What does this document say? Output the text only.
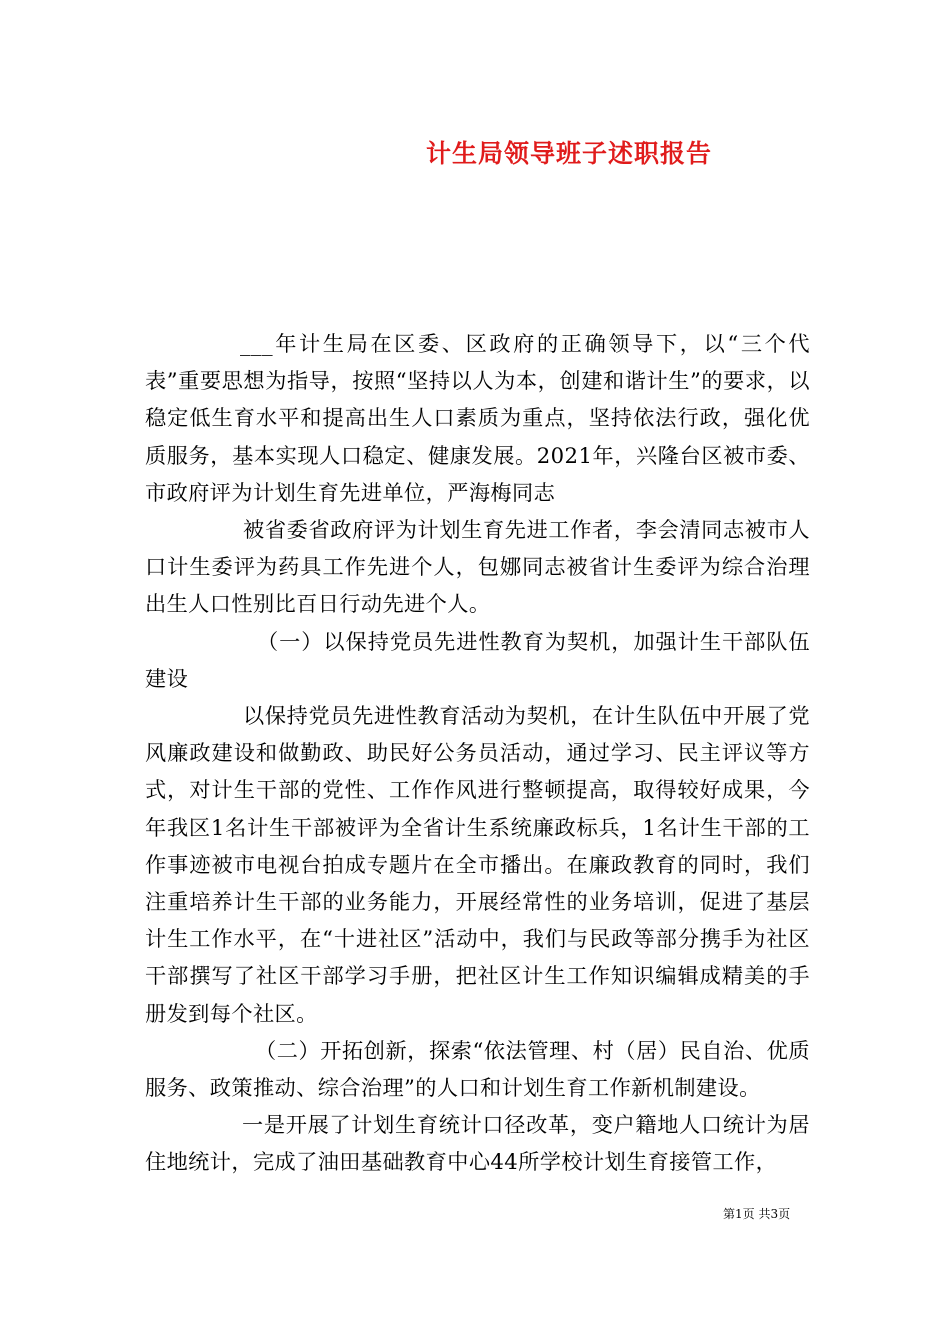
计生局领导班子述职报告

___年计生局在区委、区政府的正确领导下，以“三个代表”重要思想为指导，按照“坚持以人为本，创建和谐计生”的要求，以稳定低生育水平和提高出生人口素质为重点，坚持依法行政，强化优质服务，基本实现人口稳定、健康发展。2021年，兴隆台区被市委、市政府评为计划生育先进单位，严海梅同志

被省委省政府评为计划生育先进工作者，李会清同志被市人口计生委评为药具工作先进个人，包娜同志被省计生委评为综合治理出生人口性别比百日行动先进个人。

（一）以保持党员先进性教育为契机，加强计生干部队伍建设

以保持党员先进性教育活动为契机，在计生队伍中开展了党风廉政建设和做勤政、助民好公务员活动，通过学习、民主评议等方式，对计生干部的党性、工作作风进行整顿提高，取得较好成果，今年我区1名计生干部被评为全省计生系统廉政标兵，1名计生干部的工作事迹被市电视台拍成专题片在全市播出。在廉政教育的同时，我们注重培养计生干部的业务能力，开展经常性的业务培训，促进了基层计生工作水平，在“十进社区”活动中，我们与民政等部分携手为社区干部撰写了社区干部学习手册，把社区计生工作知识编辑成精美的手册发到每个社区。

（二）开拓创新，探索“依法管理、村（居）民自治、优质服务、政策推动、综合治理”的人口和计划生育工作新机制建设。

一是开展了计划生育统计口径改革，变户籍地人口统计为居住地统计，完成了油田基础教育中心44所学校计划生育接管工作，

第1页 共3页
